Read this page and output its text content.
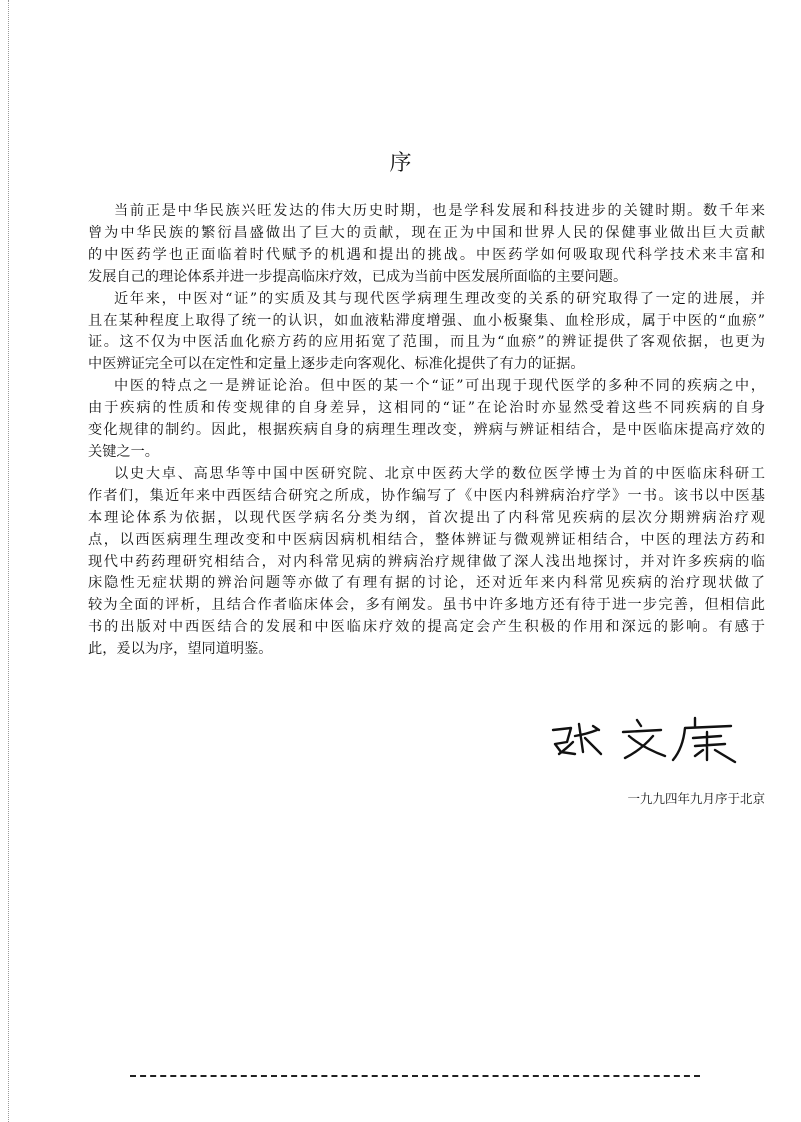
序

当前正是中华民族兴旺发达的伟大历史时期，也是学科发展和科技进步的关键时期。数千年来
曾为中华民族的繁衍昌盛做出了巨大的贡献，现在正为中国和世界人民的保健事业做出巨大贡献
的中医药学也正面临着时代赋予的机遇和提出的挑战。中医药学如何吸取现代科学技术来丰富和
发展自己的理论体系并进一步提高临床疗效，已成为当前中医发展所面临的主要问题。

近年来，中医对“证”的实质及其与现代医学病理生理改变的关系的研究取得了一定的进展，并
且在某种程度上取得了统一的认识，如血液粘滞度增强、血小板聚集、血栓形成，属于中医的“血瘀”
证。这不仅为中医活血化瘀方药的应用拓宽了范围，而且为“血瘀”的辨证提供了客观依据，也更为
中医辨证完全可以在定性和定量上逐步走向客观化、标准化提供了有力的证据。

中医的特点之一是辨证论治。但中医的某一个“证”可出现于现代医学的多种不同的疾病之中，
由于疾病的性质和传变规律的自身差异，这相同的“证”在论治时亦显然受着这些不同疾病的自身
变化规律的制约。因此，根据疾病自身的病理生理改变，辨病与辨证相结合，是中医临床提高疗效的
关键之一。

以史大卓、高思华等中国中医研究院、北京中医药大学的数位医学博士为首的中医临床科研工
作者们，集近年来中西医结合研究之所成，协作编写了《中医内科辨病治疗学》一书。该书以中医基
本理论体系为依据，以现代医学病名分类为纲，首次提出了内科常见疾病的层次分期辨病治疗观
点，以西医病理生理改变和中医病因病机相结合，整体辨证与微观辨证相结合，中医的理法方药和
现代中药药理研究相结合，对内科常见病的辨病治疗规律做了深人浅出地探讨，并对许多疾病的临
床隐性无症状期的辨治问题等亦做了有理有据的讨论，还对近年来内科常见疾病的治疗现状做了
较为全面的评析，且结合作者临床体会，多有阐发。虽书中许多地方还有待于进一步完善，但相信此
书的出版对中西医结合的发展和中医临床疗效的提高定会产生积极的作用和深远的影响。有感于
此，爰以为序，望同道明鉴。

一九九四年九月序于北京
